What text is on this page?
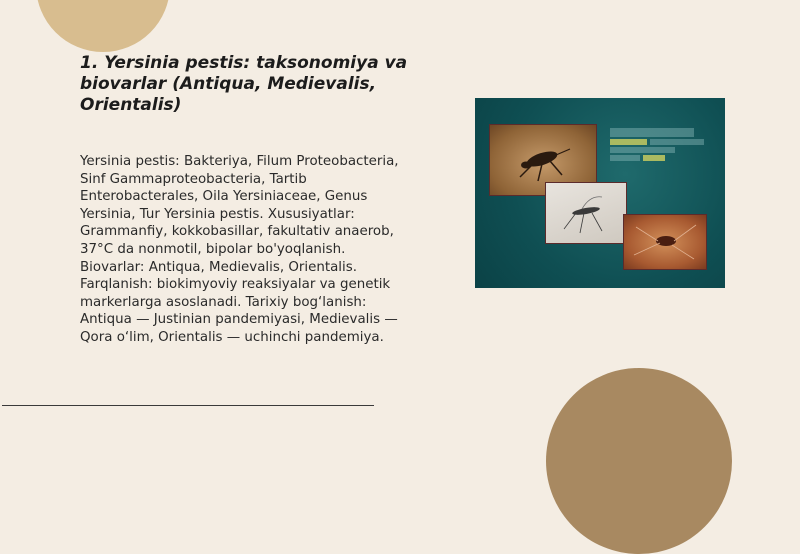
1. Yersinia pestis: taksonomiya va biovarlar (Antiqua, Medievalis, Orientalis)

Yersinia pestis: Bakteriya, Filum Proteobacteria, Sinf Gammaproteobacteria, Tartib Enterobacterales, Oila Yersiniaceae, Genus Yersinia, Tur Yersinia pestis. Xususiyatlar: Grammanfiy, kokkobasillar, fakultativ anaerob, 37°C da nonmotil, bipolar bo'yoqlanish. Biovarlar: Antiqua, Medievalis, Orientalis. Farqlanish: biokimyoviy reaksiyalar va genetik markerlarga asoslanadi. Tarixiy bog‘lanish: Antiqua — Justinian pandemiyasi, Medievalis — Qora o‘lim, Orientalis — uchinchi pandemiya.
